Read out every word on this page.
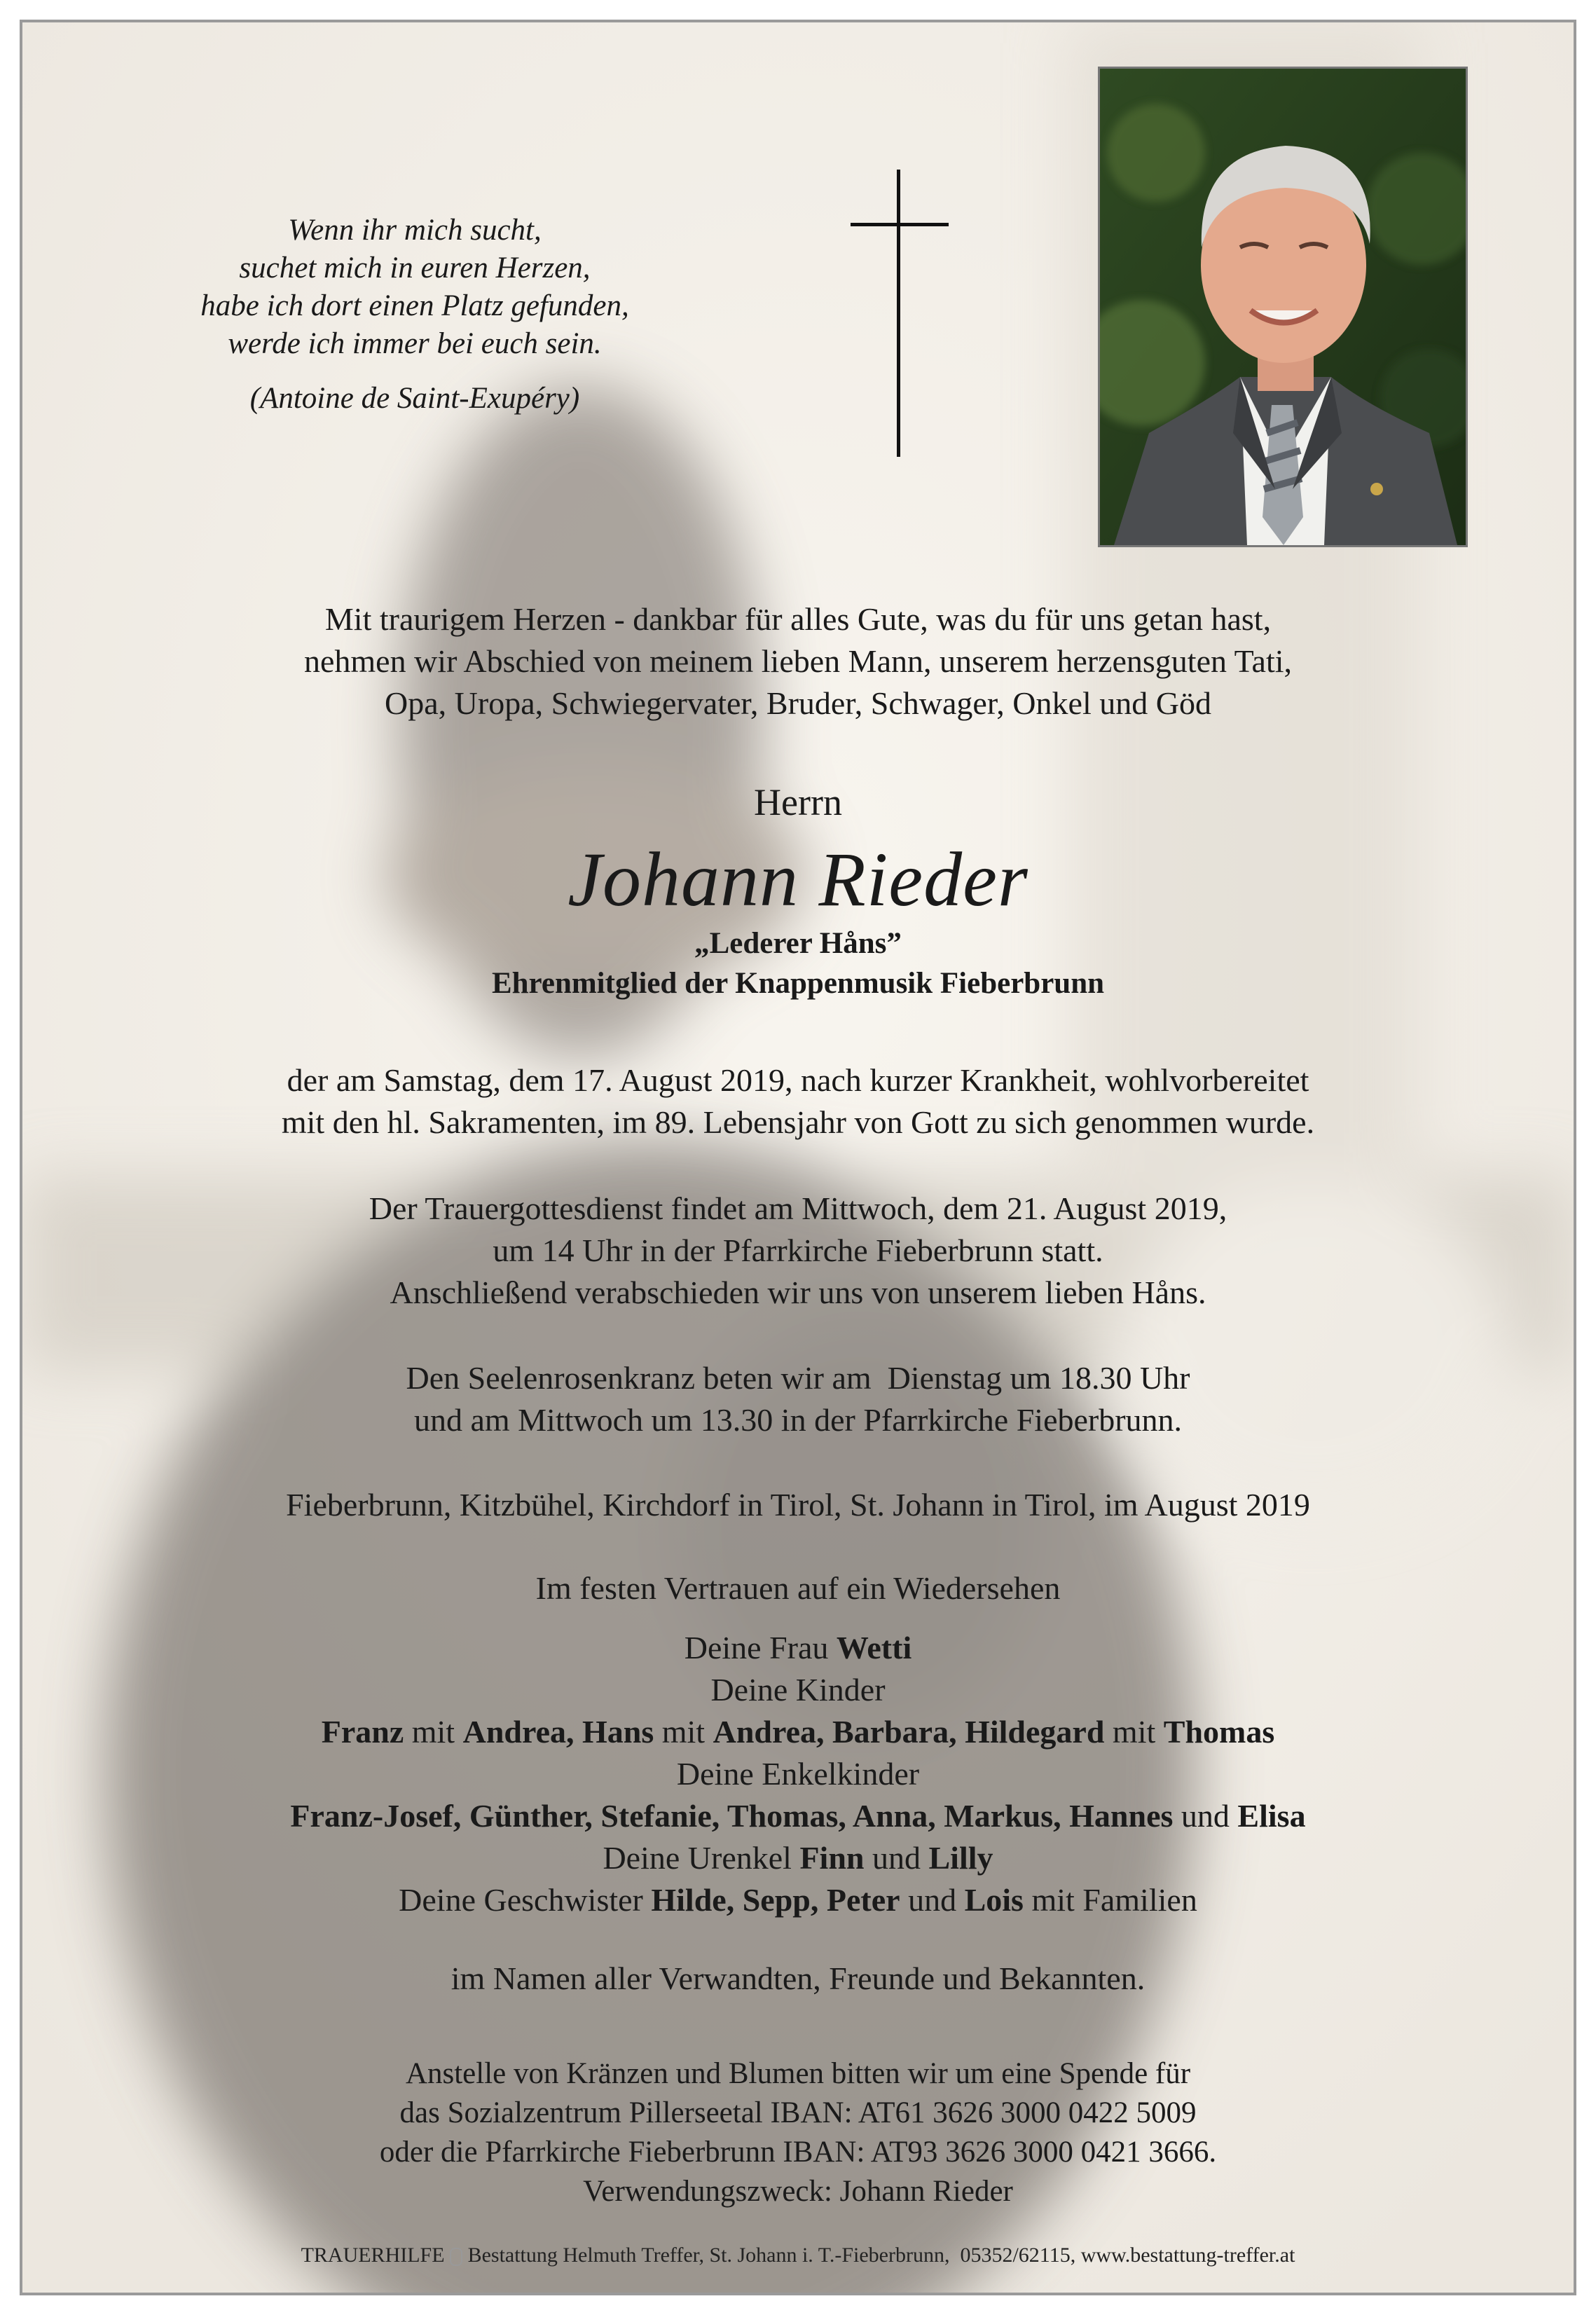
Wenn ihr mich sucht,
suchet mich in euren Herzen,
habe ich dort einen Platz gefunden,
werde ich immer bei euch sein.
(Antoine de Saint-Exupéry)
Mit traurigem Herzen - dankbar für alles Gute, was du für uns getan hast,
nehmen wir Abschied von meinem lieben Mann, unserem herzensguten Tati,
Opa, Uropa, Schwiegervater, Bruder, Schwager, Onkel und Göd
Herrn
Johann Rieder
„Lederer Håns”
Ehrenmitglied der Knappenmusik Fieberbrunn
der am Samstag, dem 17. August 2019, nach kurzer Krankheit, wohlvorbereitet
mit den hl. Sakramenten, im 89. Lebensjahr von Gott zu sich genommen wurde.
Der Trauergottesdienst findet am Mittwoch, dem 21. August 2019,
um 14 Uhr in der Pfarrkirche Fieberbrunn statt.
Anschließend verabschieden wir uns von unserem lieben Håns.
Den Seelenrosenkranz beten wir am  Dienstag um 18.30 Uhr
und am Mittwoch um 13.30 in der Pfarrkirche Fieberbrunn.
Fieberbrunn, Kitzbühel, Kirchdorf in Tirol, St. Johann in Tirol, im August 2019
Im festen Vertrauen auf ein Wiedersehen
Deine Frau Wetti
Deine Kinder
Franz mit Andrea, Hans mit Andrea, Barbara, Hildegard mit Thomas
Deine Enkelkinder
Franz-Josef, Günther, Stefanie, Thomas, Anna, Markus, Hannes und Elisa
Deine Urenkel Finn und Lilly
Deine Geschwister Hilde, Sepp, Peter und Lois mit Familien
im Namen aller Verwandten, Freunde und Bekannten.
Anstelle von Kränzen und Blumen bitten wir um eine Spende für
das Sozialzentrum Pillerseetal IBAN: AT61 3626 3000 0422 5009
oder die Pfarrkirche Fieberbrunn IBAN: AT93 3626 3000 0421 3666.
Verwendungszweck: Johann Rieder
TRAUERHILFE  Bestattung Helmuth Treffer, St. Johann i. T.-Fieberbrunn,  05352/62115, www.bestattung-treffer.at
